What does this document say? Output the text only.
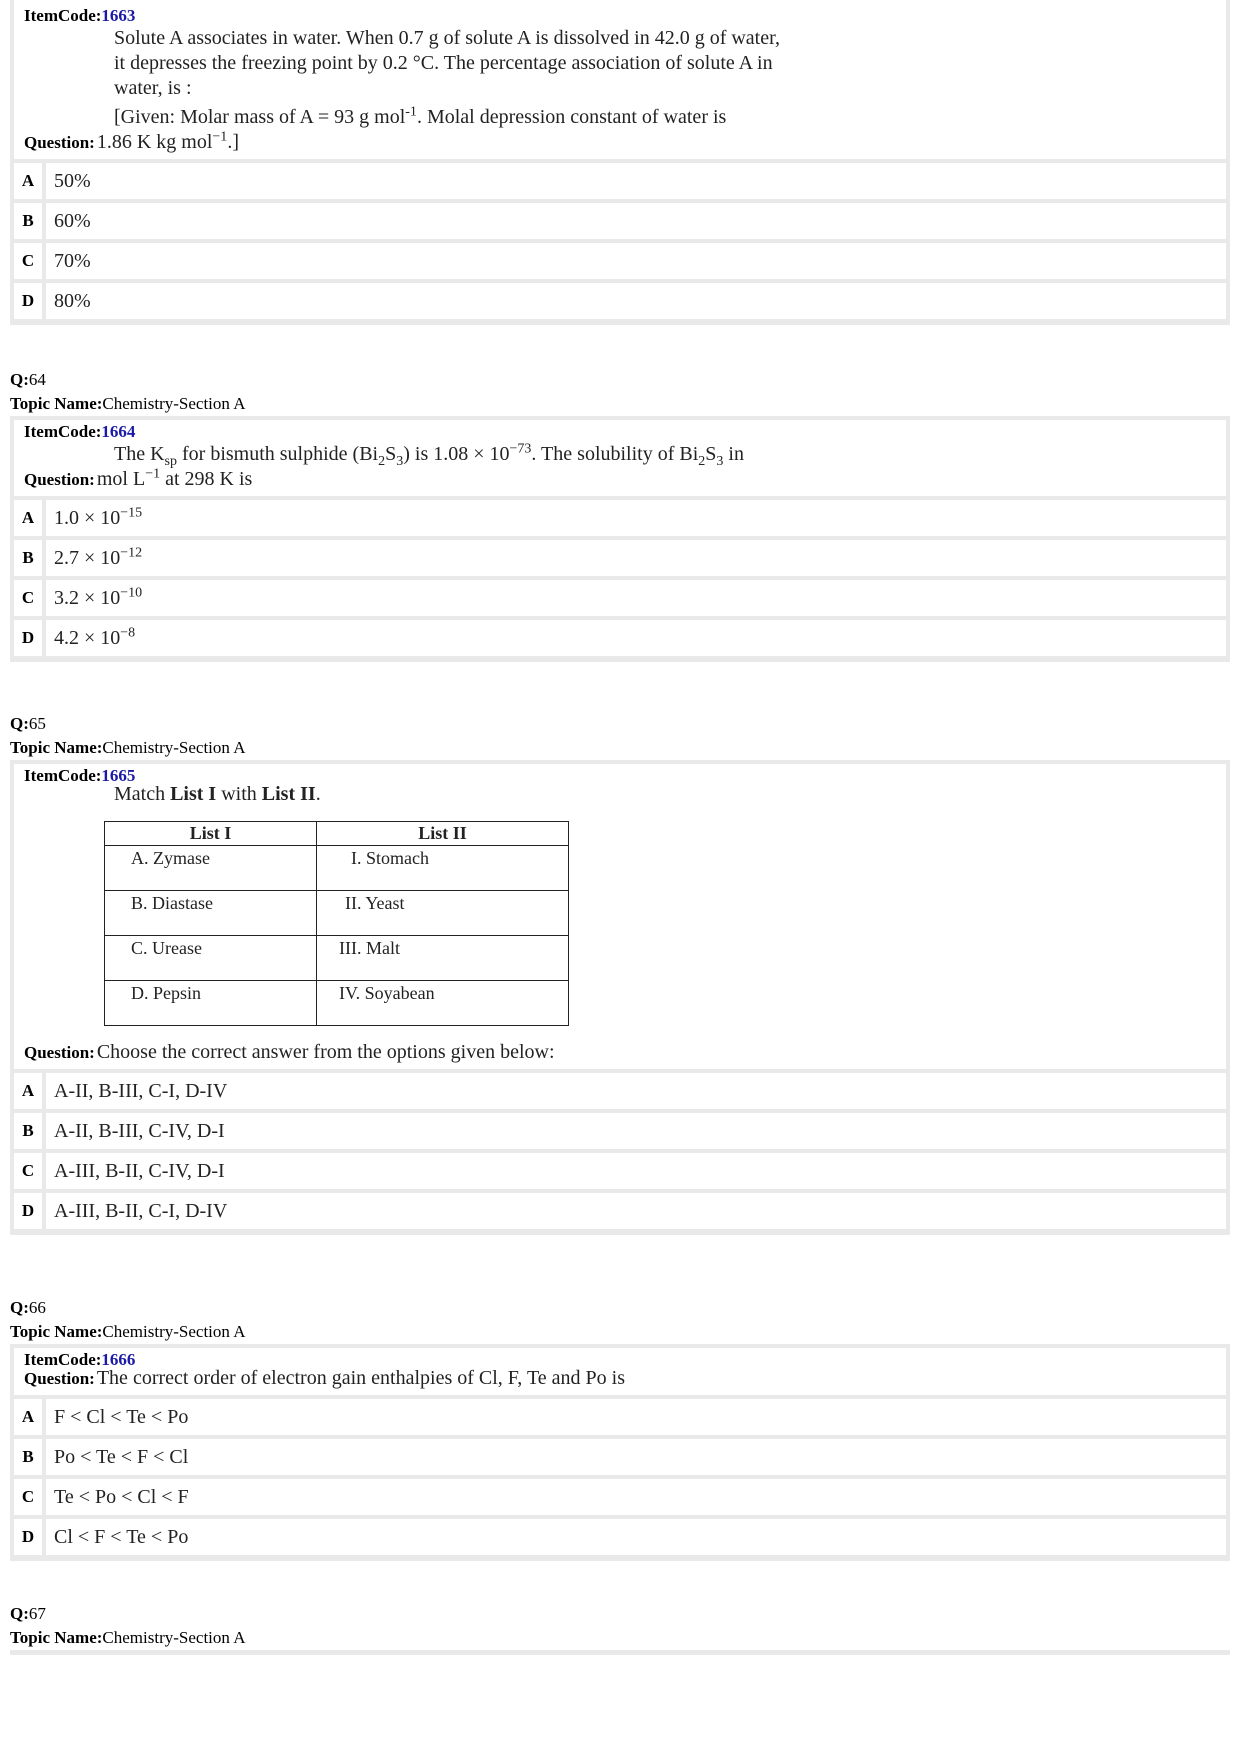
ItemCode:1663
Solute A associates in water. When 0.7 g of solute A is dissolved in 42.0 g of water,
it depresses the freezing point by 0.2 °C. The percentage association of solute A in
water, is :
[Given: Molar mass of A = 93 g mol$^{-1}$. Molal depression constant of water is
Question: 1.86 K kg mol$^{-1}$.]
A 50%
B	60%
C 70%
D 80%
Q:64
Topic Name:Chemistry-Section A
ItemCode:1664
The $K_{sp}$ for bismuth sulphide $(Bi_2S_3)$ is $1.08 \times 10^{-73}$. The solubility of $Bi_2S_3$ in
Question: mol $L^{-1}$ at 298 K is
A $1.0 \times 10^{-15}$
B	$2.7 \times 10^{-12}$
C $3.2 \times 10^{-10}$
D $4.2 \times 10^{-8}$
Q:65
Topic Name:Chemistry-Section A
ItemCode:1665
Match List I with List II.
List I	List II
A. Zymase	I. Stomach
B. Diastase	II. Yeast
C. Urease	III. Malt
D. Pepsin	IV. Soyabean
Question: Choose the correct answer from the options given below:
A A-II, B-III, C-I, D-IV
B	A-II, B-III, C-IV, D-I
C A-III, B-II, C-IV, D-I
D A-III, B-II, C-I, D-IV
Q:66
Topic Name:Chemistry-Section A
ItemCode:1666
Question: The correct order of electron gain enthalpies of Cl, F, Te and Po is
A F < Cl < Te < Po
B	Po < Te < F < Cl
C Te < Po < Cl < F
D Cl < F < Te < Po
Q:67
Topic Name:Chemistry-Section A
